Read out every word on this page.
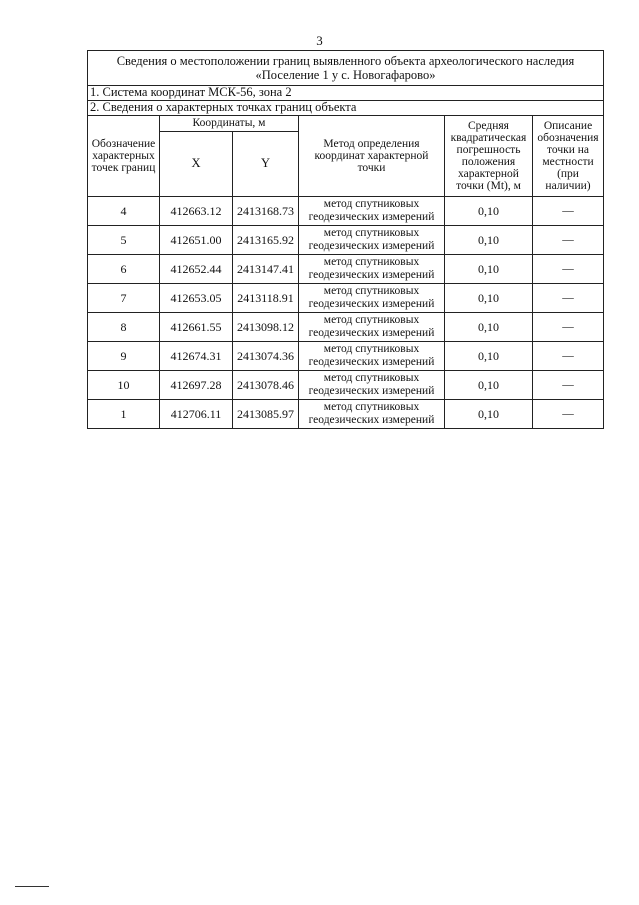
3
Сведения о местоположении границ выявленного объекта археологического наследия
«Поселение 1 у с. Новогафарово»					

1. Система координат МСК-56, зона 2					
2. Сведения о характерных точках границ объекта					
Обозначение характерных точек границ	Координаты, м		Метод определения координат характерной точки	Средняя квадратическая погрешность положения характерной точки (Mt), м	Описание обозначения точки на местности (при наличии)
	X	Y			
4	412663.12	2413168.73	метод спутниковых геодезических измерений	0,10	—
5	412651.00	2413165.92	метод спутниковых геодезических измерений	0,10	—
6	412652.44	2413147.41	метод спутниковых геодезических измерений	0,10	—
7	412653.05	2413118.91	метод спутниковых геодезических измерений	0,10	—
8	412661.55	2413098.12	метод спутниковых геодезических измерений	0,10	—
9	412674.31	2413074.36	метод спутниковых геодезических измерений	0,10	—
10	412697.28	2413078.46	метод спутниковых геодезических измерений	0,10	—
1	412706.11	2413085.97	метод спутниковых геодезических измерений	0,10	—
